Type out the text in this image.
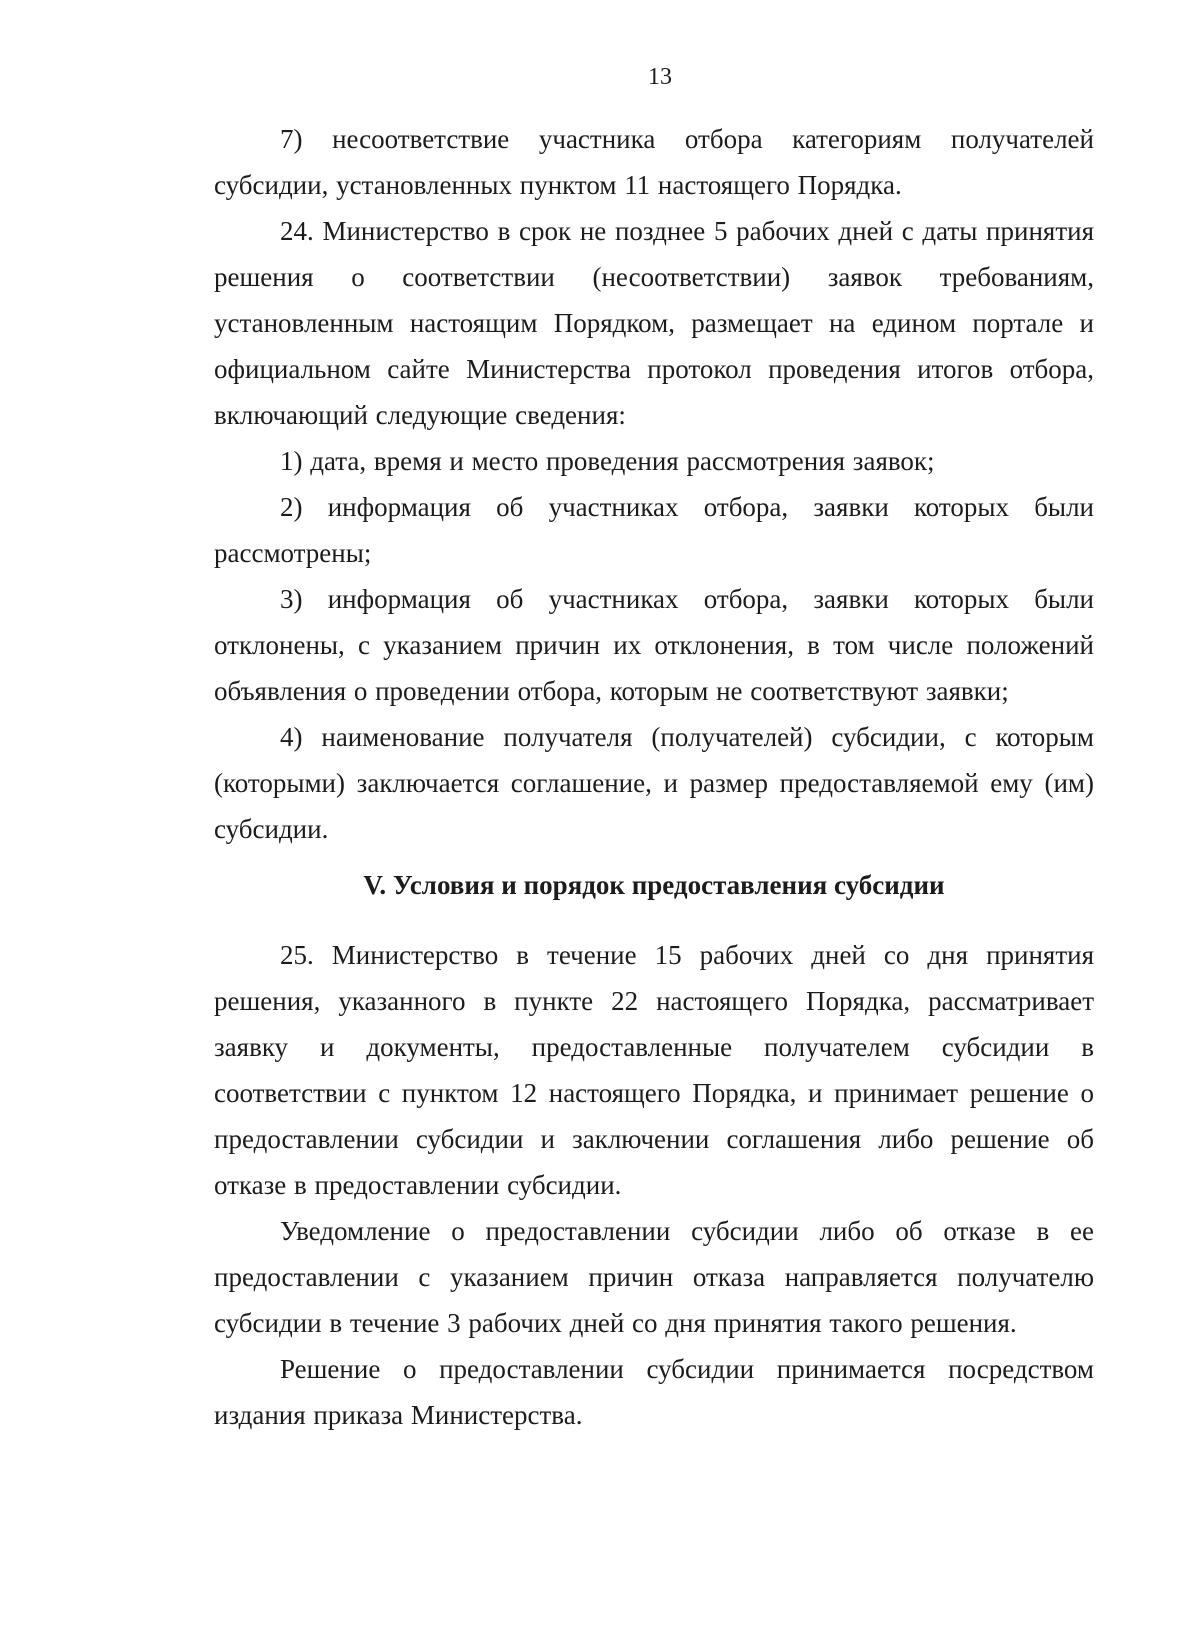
13

7) несоответствие участника отбора категориям получателей субсидии, установленных пунктом 11 настоящего Порядка.

24. Министерство в срок не позднее 5 рабочих дней с даты принятия решения о соответствии (несоответствии) заявок требованиям, установленным настоящим Порядком, размещает на едином портале и официальном сайте Министерства протокол проведения итогов отбора, включающий следующие сведения:

1) дата, время и место проведения рассмотрения заявок;

2) информация об участниках отбора, заявки которых были рассмотрены;

3) информация об участниках отбора, заявки которых были отклонены, с указанием причин их отклонения, в том числе положений объявления о проведении отбора, которым не соответствуют заявки;

4) наименование получателя (получателей) субсидии, с которым (которыми) заключается соглашение, и размер предоставляемой ему (им) субсидии.

V. Условия и порядок предоставления субсидии

25. Министерство в течение 15 рабочих дней со дня принятия решения, указанного в пункте 22 настоящего Порядка, рассматривает заявку и документы, предоставленные получателем субсидии в соответствии с пунктом 12 настоящего Порядка, и принимает решение о предоставлении субсидии и заключении соглашения либо решение об отказе в предоставлении субсидии.

Уведомление о предоставлении субсидии либо об отказе в ее предоставлении с указанием причин отказа направляется получателю субсидии в течение 3 рабочих дней со дня принятия такого решения.

Решение о предоставлении субсидии принимается посредством издания приказа Министерства.
